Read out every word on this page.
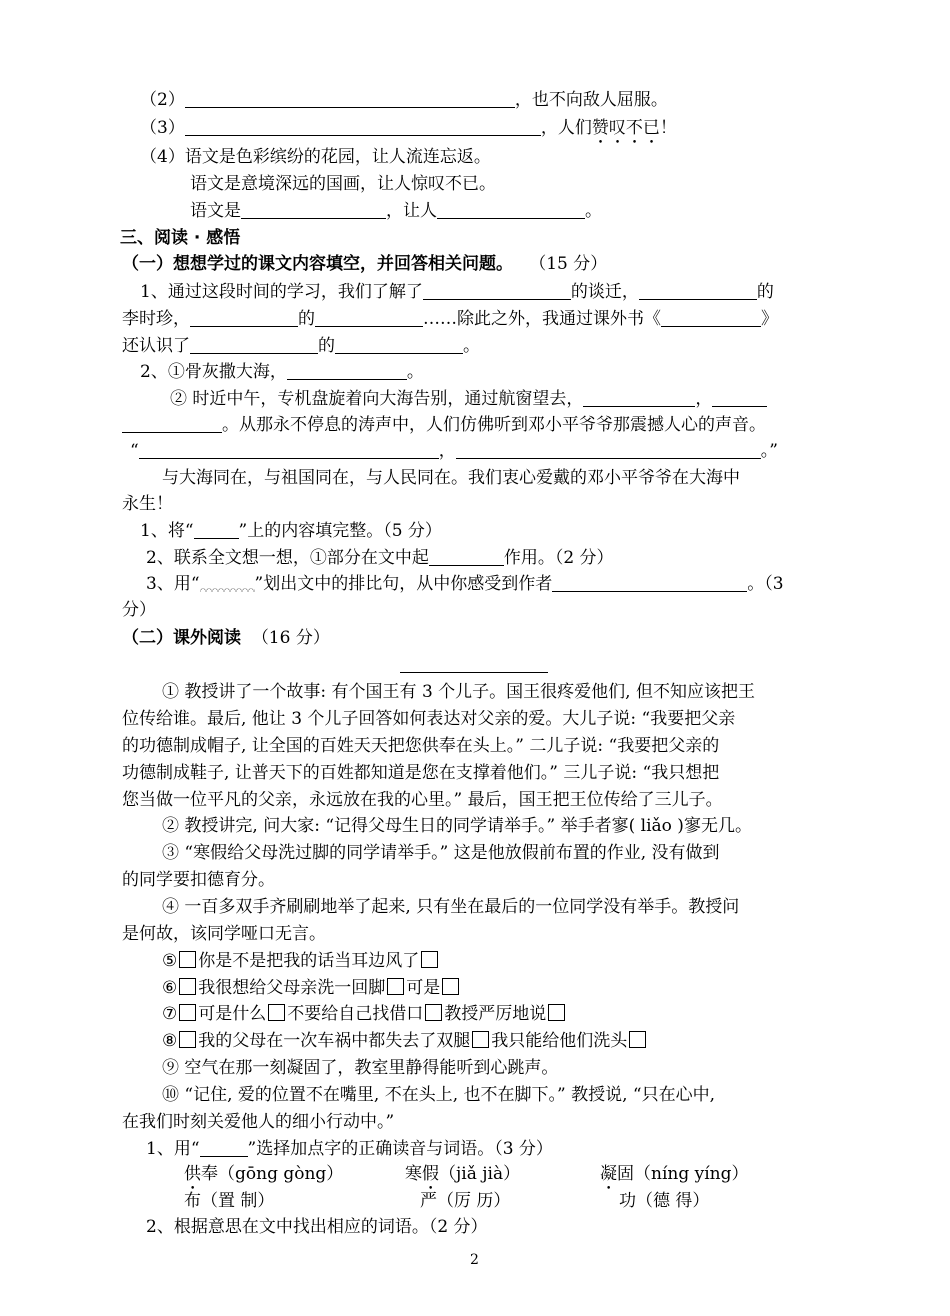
（2）	，也不向敌人屈服。
（3）	，人们赞叹不已！
（4）语文是色彩缤纷的花园，让人流连忘返。
语文是意境深远的国画，让人惊叹不已。
语文是	，让人	。
三、阅读 · 感悟
（一）想想学过的课文内容填空，并回答相关问题。 （15 分）
1、通过这段时间的学习，我们了解了	的谈迁，	的
李时珍，	的	……除此之外，我通过课外书《	》
还认识了	的	。
2、①骨灰撒大海，	。
② 时近中午，专机盘旋着向大海告别，通过航窗望去，	，
。从那永不停息的涛声中，人们仿佛听到邓小平爷爷那震撼人心的声音。
“	，	。”
与大海同在，与祖国同在，与人民同在。我们衷心爱戴的邓小平爷爷在大海中
永生！
1、将“	”上的内容填完整。（5 分）
2、联系全文想一想，①部分在文中起	作用。（2 分）
3、用“	”划出文中的排比句，从中你感受到作者	。（3
分）
（二）课外阅读 （16 分）
① 教授讲了一个故事: 有个国王有 3 个儿子。国王很疼爱他们, 但不知应该把王
位传给谁。最后, 他让 3 个儿子回答如何表达对父亲的爱。大儿子说: “我要把父亲
的功德制成帽子, 让全国的百姓天天把您供奉在头上。” 二儿子说: “我要把父亲的
功德制成鞋子, 让普天下的百姓都知道是您在支撑着他们。” 三儿子说: “我只想把
您当做一位平凡的父亲，永远放在我的心里。” 最后，国王把王位传给了三儿子。
② 教授讲完, 问大家: “记得父母生日的同学请举手。” 举手者寥( liǎo )寥无几。
③ “寒假给父母洗过脚的同学请举手。” 这是他放假前布置的作业, 没有做到
的同学要扣德育分。
④ 一百多双手齐刷刷地举了起来, 只有坐在最后的一位同学没有举手。教授问
是何故，该同学哑口无言。
⑤ 你是不是把我的话当耳边风了
⑥ 我很想给父母亲洗一回脚 可是
⑦ 可是什么 不要给自己找借口 教授严厉地说
⑧ 我的父母在一次车祸中都失去了双腿 我只能给他们洗头
⑨ 空气在那一刻凝固了，教室里静得能听到心跳声。
⑩ “记住, 爱的位置不在嘴里, 不在头上, 也不在脚下。” 教授说, “只在心中,
在我们时刻关爱他人的细小行动中。”
1、用“	”选择加点字的正确读音与词语。（3 分）
供奉（gōng gòng）	寒假（jiǎ jià）	凝固（níng yíng）
布（置 制）	严（厉 历）	功（德 得）
2、根据意思在文中找出相应的词语。（2 分）
2
